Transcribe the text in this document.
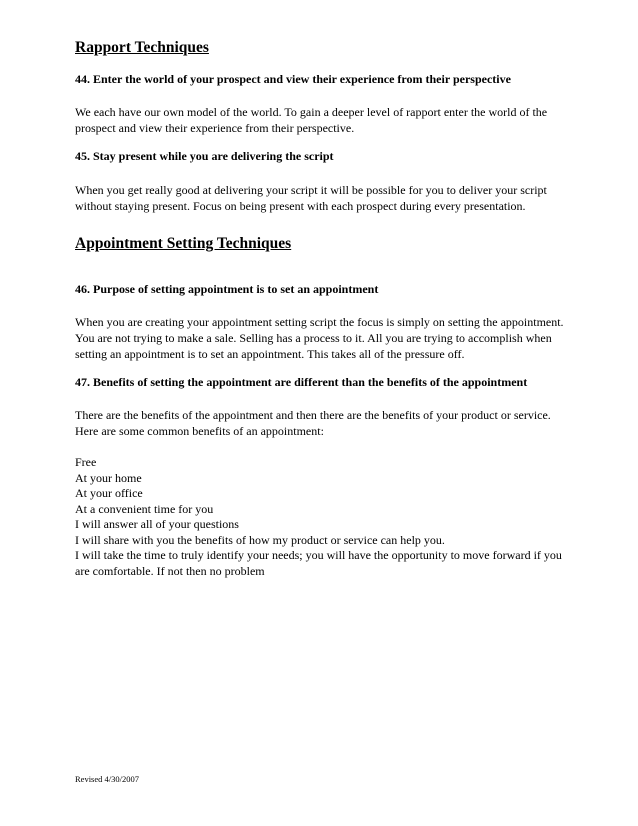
Rapport Techniques

44. Enter the world of your prospect and view their experience from their perspective

We each have our own model of the world. To gain a deeper level of rapport enter the world of the prospect and view their experience from their perspective.

45. Stay present while you are delivering the script

When you get really good at delivering your script it will be possible for you to deliver your script without staying present. Focus on being present with each prospect during every presentation.

Appointment Setting Techniques

46. Purpose of setting appointment is to set an appointment

When you are creating your appointment setting script the focus is simply on setting the appointment. You are not trying to make a sale. Selling has a process to it. All you are trying to accomplish when setting an appointment is to set an appointment. This takes all of the pressure off.

47. Benefits of setting the appointment are different than the benefits of the appointment

There are the benefits of the appointment and then there are the benefits of your product or service. Here are some common benefits of an appointment:

Free
At your home
At your office
At a convenient time for you
I will answer all of your questions
I will share with you the benefits of how my product or service can help you.
I will take the time to truly identify your needs; you will have the opportunity to move forward if you are comfortable. If not then no problem
Revised 4/30/2007
